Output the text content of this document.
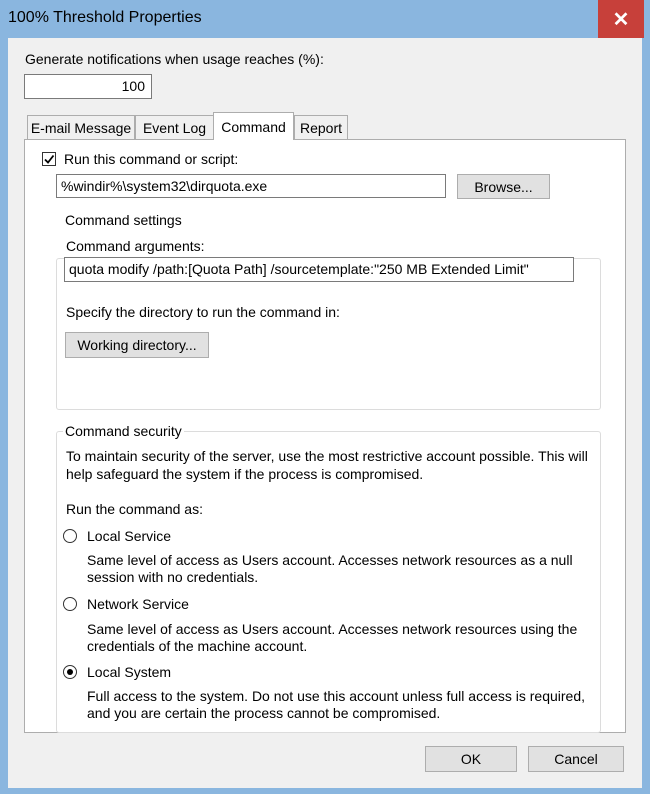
100% Threshold Properties	✕
Generate notifications when usage reaches (%):
100
E-mail Message Event Log Command Report
Run this command or script:
%windir%\system32\dirquota.exe	Browse...
Command settings
Command arguments:
quota modify /path:[Quota Path] /sourcetemplate:"250 MB Extended Limit"
Specify the directory to run the command in:
Working directory...
Command security
To maintain security of the server, use the most restrictive account possible. This will
help safeguard the system if the process is compromised.
Run the command as:
Local Service
Same level of access as Users account. Accesses network resources as a null
session with no credentials.
Network Service
Same level of access as Users account. Accesses network resources using the
credentials of the machine account.
Local System
Full access to the system. Do not use this account unless full access is required,
and you are certain the process cannot be compromised.
OK	Cancel
